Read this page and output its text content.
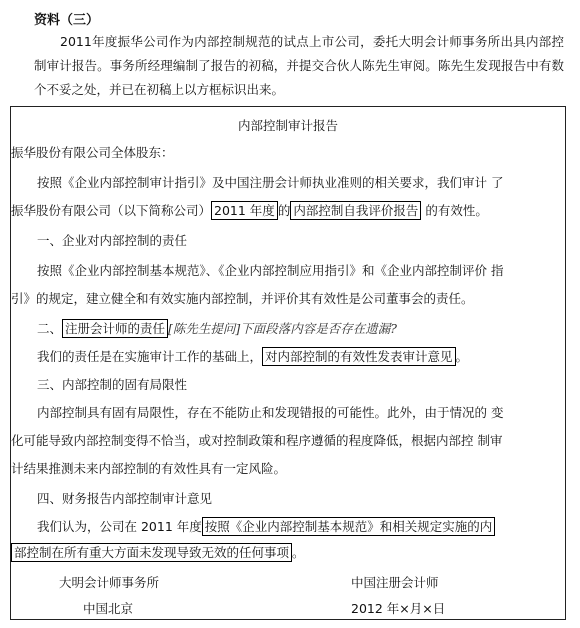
资料（三）
2011年度振华公司作为内部控制规范的试点上市公司，委托大明会计师事务所出具内部控制审计报告。事务所经理编制了报告的初稿，并提交合伙人陈先生审阅。陈先生发现报告中有数个不妥之处，并已在初稿上以方框标识出来。
内部控制审计报告
振华股份有限公司全体股东：
按照《企业内部控制审计指引》及中国注册会计师执业准则的相关要求，我们审计 了
振华股份有限公司（以下简称公司） 2011 年度 的 内部控制自我评价报告 的有效性。
一、企业对内部控制的责任
按照《企业内部控制基本规范》、《企业内部控制应用指引》和《企业内部控制评价 指
引》的规定，建立健全和有效实施内部控制，并评价其有效性是公司董事会的责任。
二、 注册会计师的责任 [陈先生提问]下面段落内容是否存在遗漏?
我们的责任是在实施审计工作的基础上， 对内部控制的有效性发表审计意见 。
三、内部控制的固有局限性
内部控制具有固有局限性，存在不能防止和发现错报的可能性。此外，由于情况的 变
化可能导致内部控制变得不恰当，或对控制政策和程序遵循的程度降低，根据内部控 制审
计结果推测未来内部控制的有效性具有一定风险。
四、财务报告内部控制审计意见
我们认为，公司在 2011 年度 按照《企业内部控制基本规范》和相关规定实施的内
部控制在所有重大方面未发现导致无效的任何事项 。
大明会计师事务所	中国注册会计师
中国北京	2012 年×月×日
